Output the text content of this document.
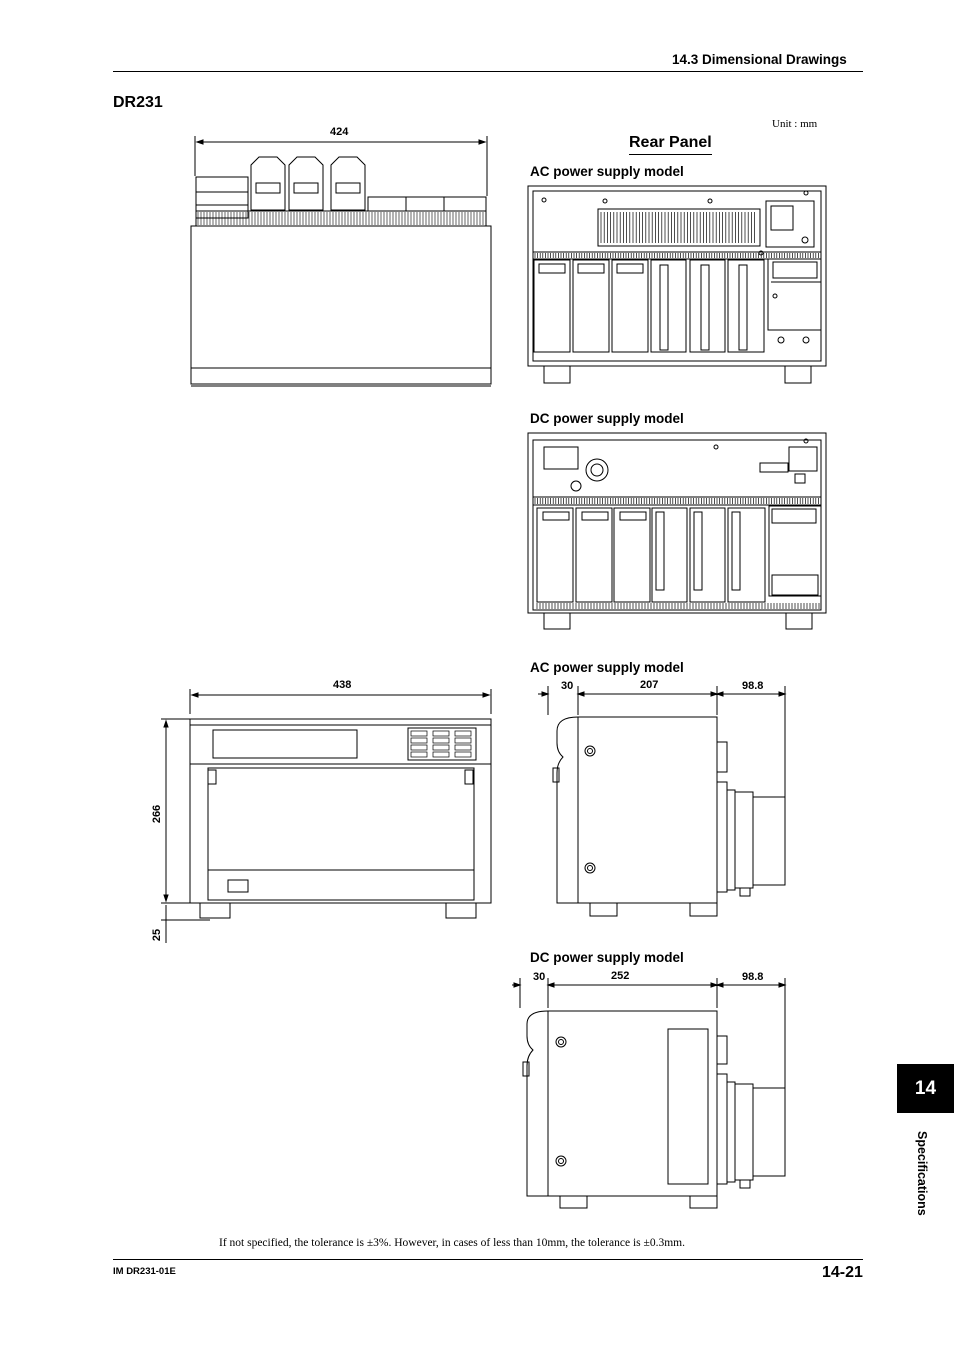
14.3 Dimensional Drawings
DR231
Unit : mm
Rear Panel
424
AC power supply model
DC power supply model
438
266
25
AC power supply model
30	207	98.8
DC power supply model
30	252	98.8
If not specified, the tolerance is ±3%. However, in cases of less than 10mm, the tolerance is ±0.3mm.
IM DR231-01E	14-21
14
Specifications
